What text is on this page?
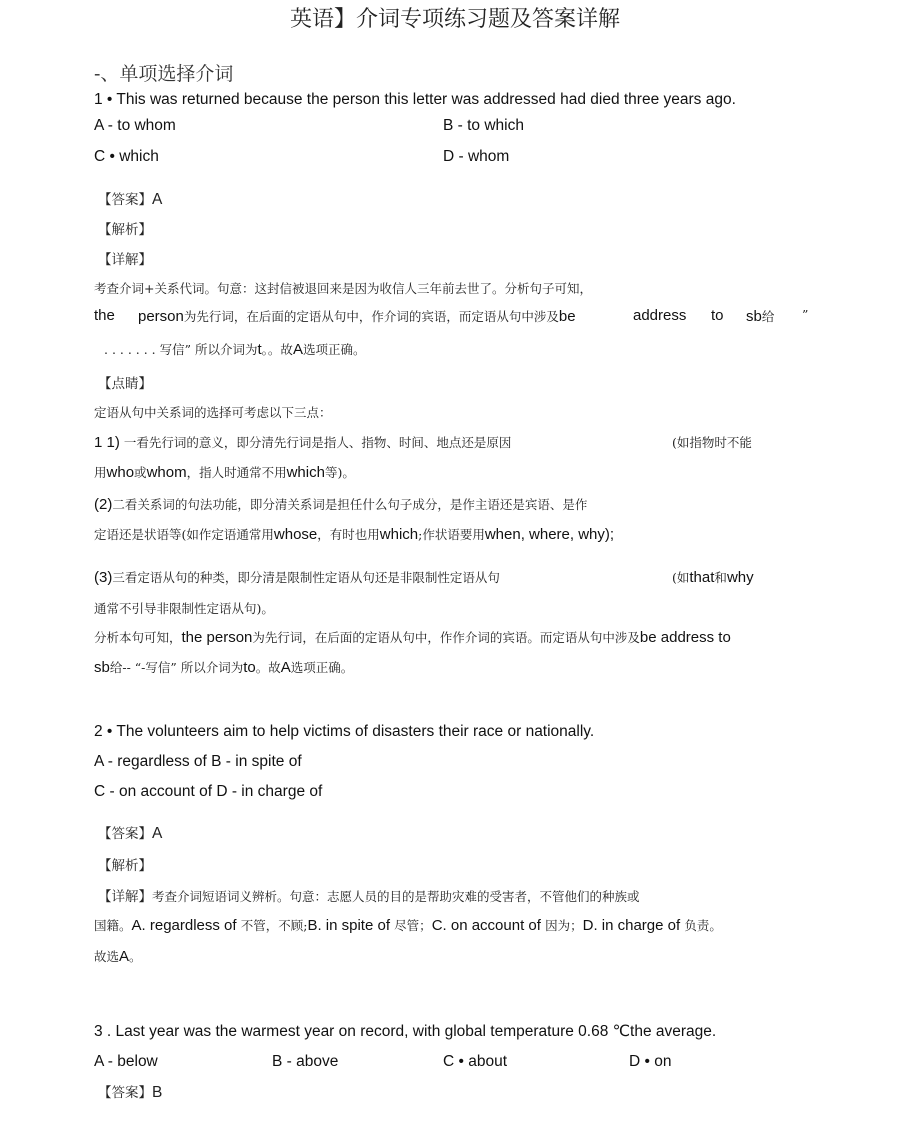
英语】介词专项练习题及答案详解
-、单项选择介词
1 • This was returned because the person this letter was addressed had died three years ago.
A - to whom	B - to which
C • which	D - whom
【答案】A
【解析】
【详解】
考查介词+关系代词。句意：这封信被退回来是因为收信人三年前去世了。分析句子可知，
the person为先行词，在后面的定语从句中，作介词的宾语，而定语从句中涉及be	address to sb给 ”
. . . . . . . 写信” 所以介词为t。。故A选项正确。
【点睛】
定语从句中关系词的选择可考虑以下三点：
1 1) 一看先行词的意义，即分清先行词是指人、指物、时间、地点还是原因	(如指物时不能
用who或whom，指人时通常不用which等)。
(2)二看关系词的句法功能，即分清关系词是担任什么句子成分，是作主语还是宾语、是作
定语还是状语等(如作定语通常用whose，有时也用which;作状语要用when, where, why);
(3)三看定语从句的种类，即分清是限制性定语从句还是非限制性定语从句	(如that和why
通常不引导非限制性定语从句)。
分析本句可知，the person为先行词，在后面的定语从句中，作作介词的宾语。而定语从句中涉及be address to
sb给-- “-写信” 所以介词为to。故A选项正确。
2 • The volunteers aim to help victims of disasters their race or nationally.
A - regardless of B - in spite of
C - on account of D - in charge of
【答案】A
【解析】
【详解】考查介词短语词义辨析。句意：志愿人员的目的是帮助灾难的受害者，不管他们的种族或
国籍。A. regardless of 不管，不顾;B. in spite of 尽管；C. on account of 因为；D. in charge of 负责。
故选A。
3 . Last year was the warmest year on record, with global temperature 0.68 ℃the average.
A - below	B - above	C • about	D • on
【答案】B
